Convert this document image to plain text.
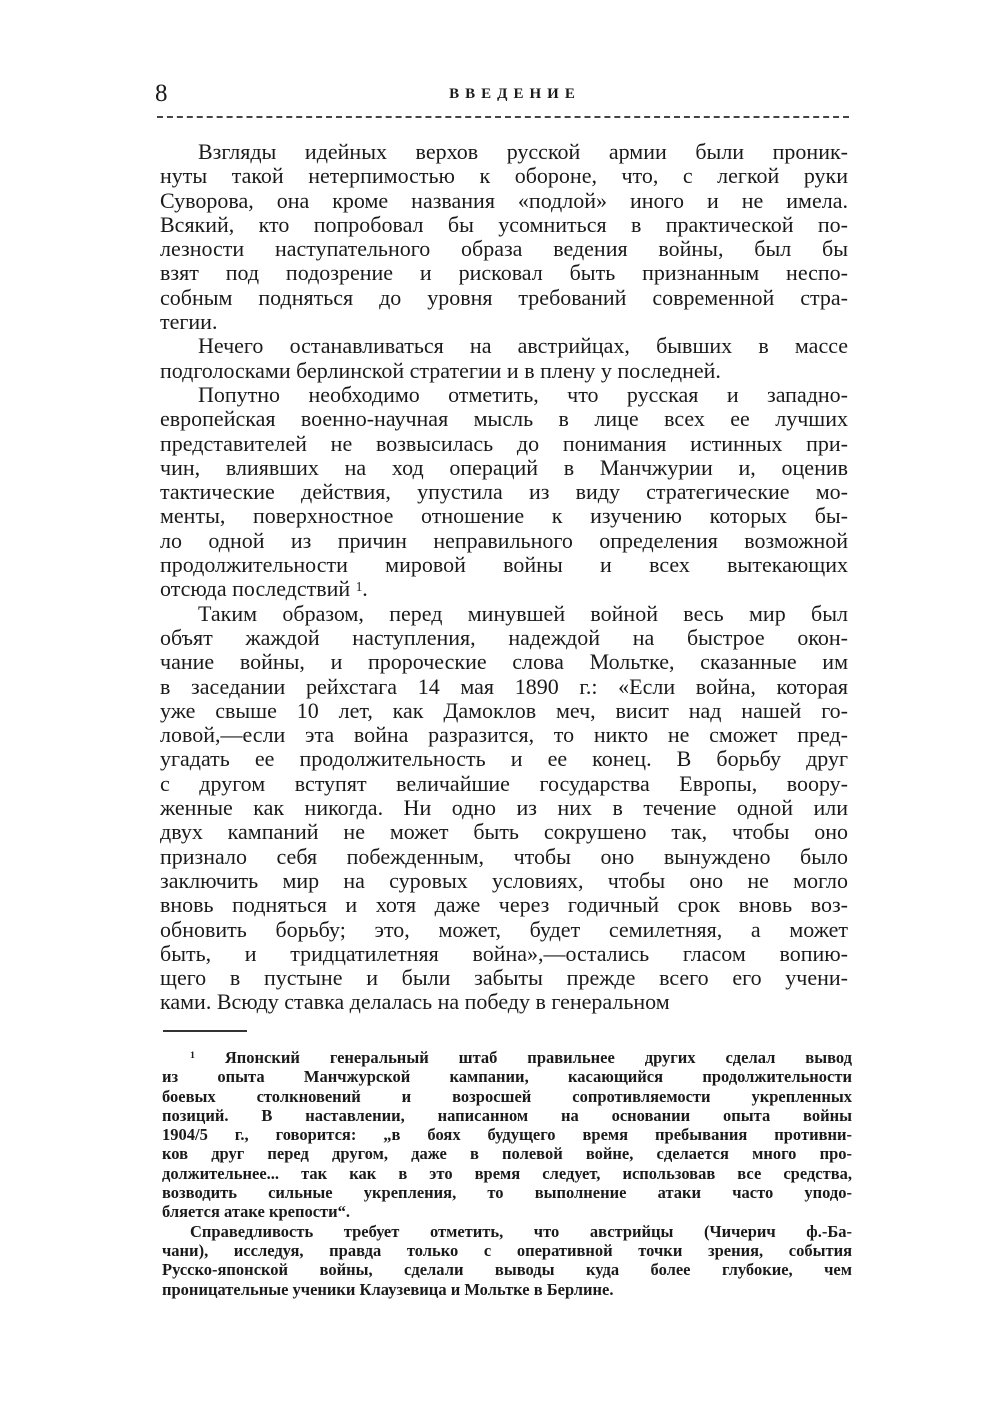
8	ВВЕДЕНИЕ
Взгляды идейных верхов русской армии были проник-
нуты такой нетерпимостью к обороне, что, с легкой руки
Суворова, она кроме названия «подлой» иного и не имела.
Всякий, кто попробовал бы усомниться в практической по-
лезности наступательного образа ведения войны, был бы
взят под подозрение и рисковал быть признанным неспо-
собным подняться до уровня требований современной стра-
тегии.
Нечего останавливаться на австрийцах, бывших в массе
подголосками берлинской стратегии и в плену у последней.
Попутно необходимо отметить, что русская и западно-
европейская военно-научная мысль в лице всех ее лучших
представителей не возвысилась до понимания истинных при-
чин, влиявших на ход операций в Манчжурии и, оценив
тактические действия, упустила из виду стратегические мо-
менты, поверхностное отношение к изучению которых бы-
ло одной из причин неправильного определения возможной
продолжительности мировой войны и всех вытекающих
отсюда последствий $^1$.
Таким образом, перед минувшей войной весь мир был
объят жаждой наступления, надеждой на быстрое окон-
чание войны, и пророческие слова Мольтке, сказанные им
в заседании рейхстага 14 мая 1890 г.: «Если война, которая
уже свыше 10 лет, как Дамоклов меч, висит над нашей го-
ловой,—если эта война разразится, то никто не сможет пред-
угадать ее продолжительность и ее конец. В борьбу друг
с другом вступят величайшие государства Европы, воору-
женные как никогда. Ни одно из них в течение одной или
двух кампаний не может быть сокрушено так, чтобы оно
признало себя побежденным, чтобы оно вынуждено было
заключить мир на суровых условиях, чтобы оно не могло
вновь подняться и хотя даже через годичный срок вновь воз-
обновить борьбу; это, может, будет семилетняя, а может
быть, и тридцатилетняя война»,—остались гласом вопию-
щего в пустыне и были забыты прежде всего его учени-
ками. Всюду ставка делалась на победу в генеральном
$^1$ Японский генеральный штаб правильнее других сделал вывод
из опыта Манчжурской кампании, касающийся продолжительности
боевых столкновений и возросшей сопротивляемости укрепленных
позиций. В наставлении, написанном на основании опыта войны
1904/5 г., говорится: „в боях будущего время пребывания противни-
ков друг перед другом, даже в полевой войне, сделается много про-
должительнее... так как в это время следует, использовав все средства,
возводить сильные укрепления, то выполнение атаки часто уподо-
бляется атаке крепости“.
Справедливость требует отметить, что австрийцы (Чичерич ф.-Ба-
чани), исследуя, правда только с оперативной точки зрения, события
Русско-японской войны, сделали выводы куда более глубокие, чем
проницательные ученики Клаузевица и Мольтке в Берлине.
